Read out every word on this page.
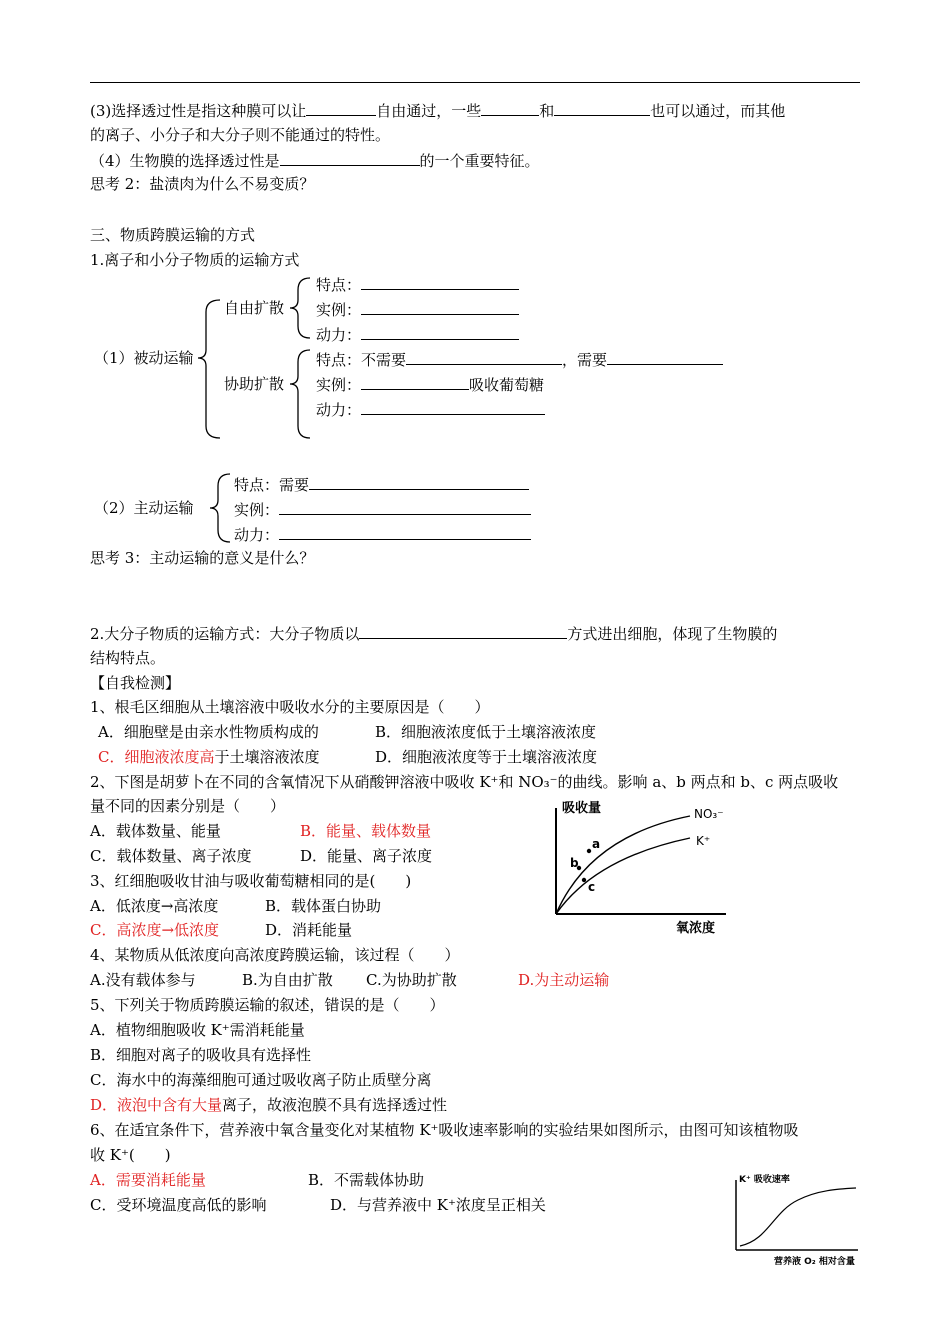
(3)选择透过性是指这种膜可以让	自由通过，一些	和	也可以通过，而其他
的离子、小分子和大分子则不能通过的特性。
（4）生物膜的选择透过性是	的一个重要特征。
思考 2：盐渍肉为什么不易变质？
三、物质跨膜运输的方式
1.离子和小分子物质的运输方式
自由扩散
协助扩散
（1）被动运输
特点：
实例：
动力：
特点：不需要	，需要
实例：	吸收葡萄糖
动力：
（2）主动运输
特点：需要
实例：
动力：
思考 3：主动运输的意义是什么？
2.大分子物质的运输方式：大分子物质以	方式进出细胞，体现了生物膜的
结构特点。
【自我检测】
1、根毛区细胞从土壤溶液中吸收水分的主要原因是（　　）
A．细胞壁是由亲水性物质构成的	B．细胞液浓度低于土壤溶液浓度
C．细胞液浓度高于土壤溶液浓度	D．细胞液浓度等于土壤溶液浓度
2、下图是胡萝卜在不同的含氧情况下从硝酸钾溶液中吸收 K⁺和 NO₃⁻的曲线。影响 a、b 两点和 b、c 两点吸收
量不同的因素分别是（　　）
A．载体数量、能量	B．能量、载体数量
C．载体数量、离子浓度	D．能量、离子浓度
a
b
c
吸收量
氧浓度
NO₃⁻
K⁺
3、红细胞吸收甘油与吸收葡萄糖相同的是(　　)
A．低浓度→高浓度	B．载体蛋白协助
C．高浓度→低浓度	D．消耗能量
4、某物质从低浓度向高浓度跨膜运输，该过程（　　）
A.没有载体参与	B.为自由扩散 C.为协助扩散	D.为主动运输
5、下列关于物质跨膜运输的叙述，错误的是（　　）
A．植物细胞吸收 K⁺需消耗能量
B．细胞对离子的吸收具有选择性
C．海水中的海藻细胞可通过吸收离子防止质壁分离
D．液泡中含有大量离子，故液泡膜不具有选择透过性
6、在适宜条件下，营养液中氧含量变化对某植物 K⁺吸收速率影响的实验结果如图所示，由图可知该植物吸
收 K⁺(　　)
A．需要消耗能量	B．不需载体协助
C．受环境温度高低的影响	D．与营养液中 K⁺浓度呈正相关
K⁺ 吸收速率
营养液 O₂ 相对含量
